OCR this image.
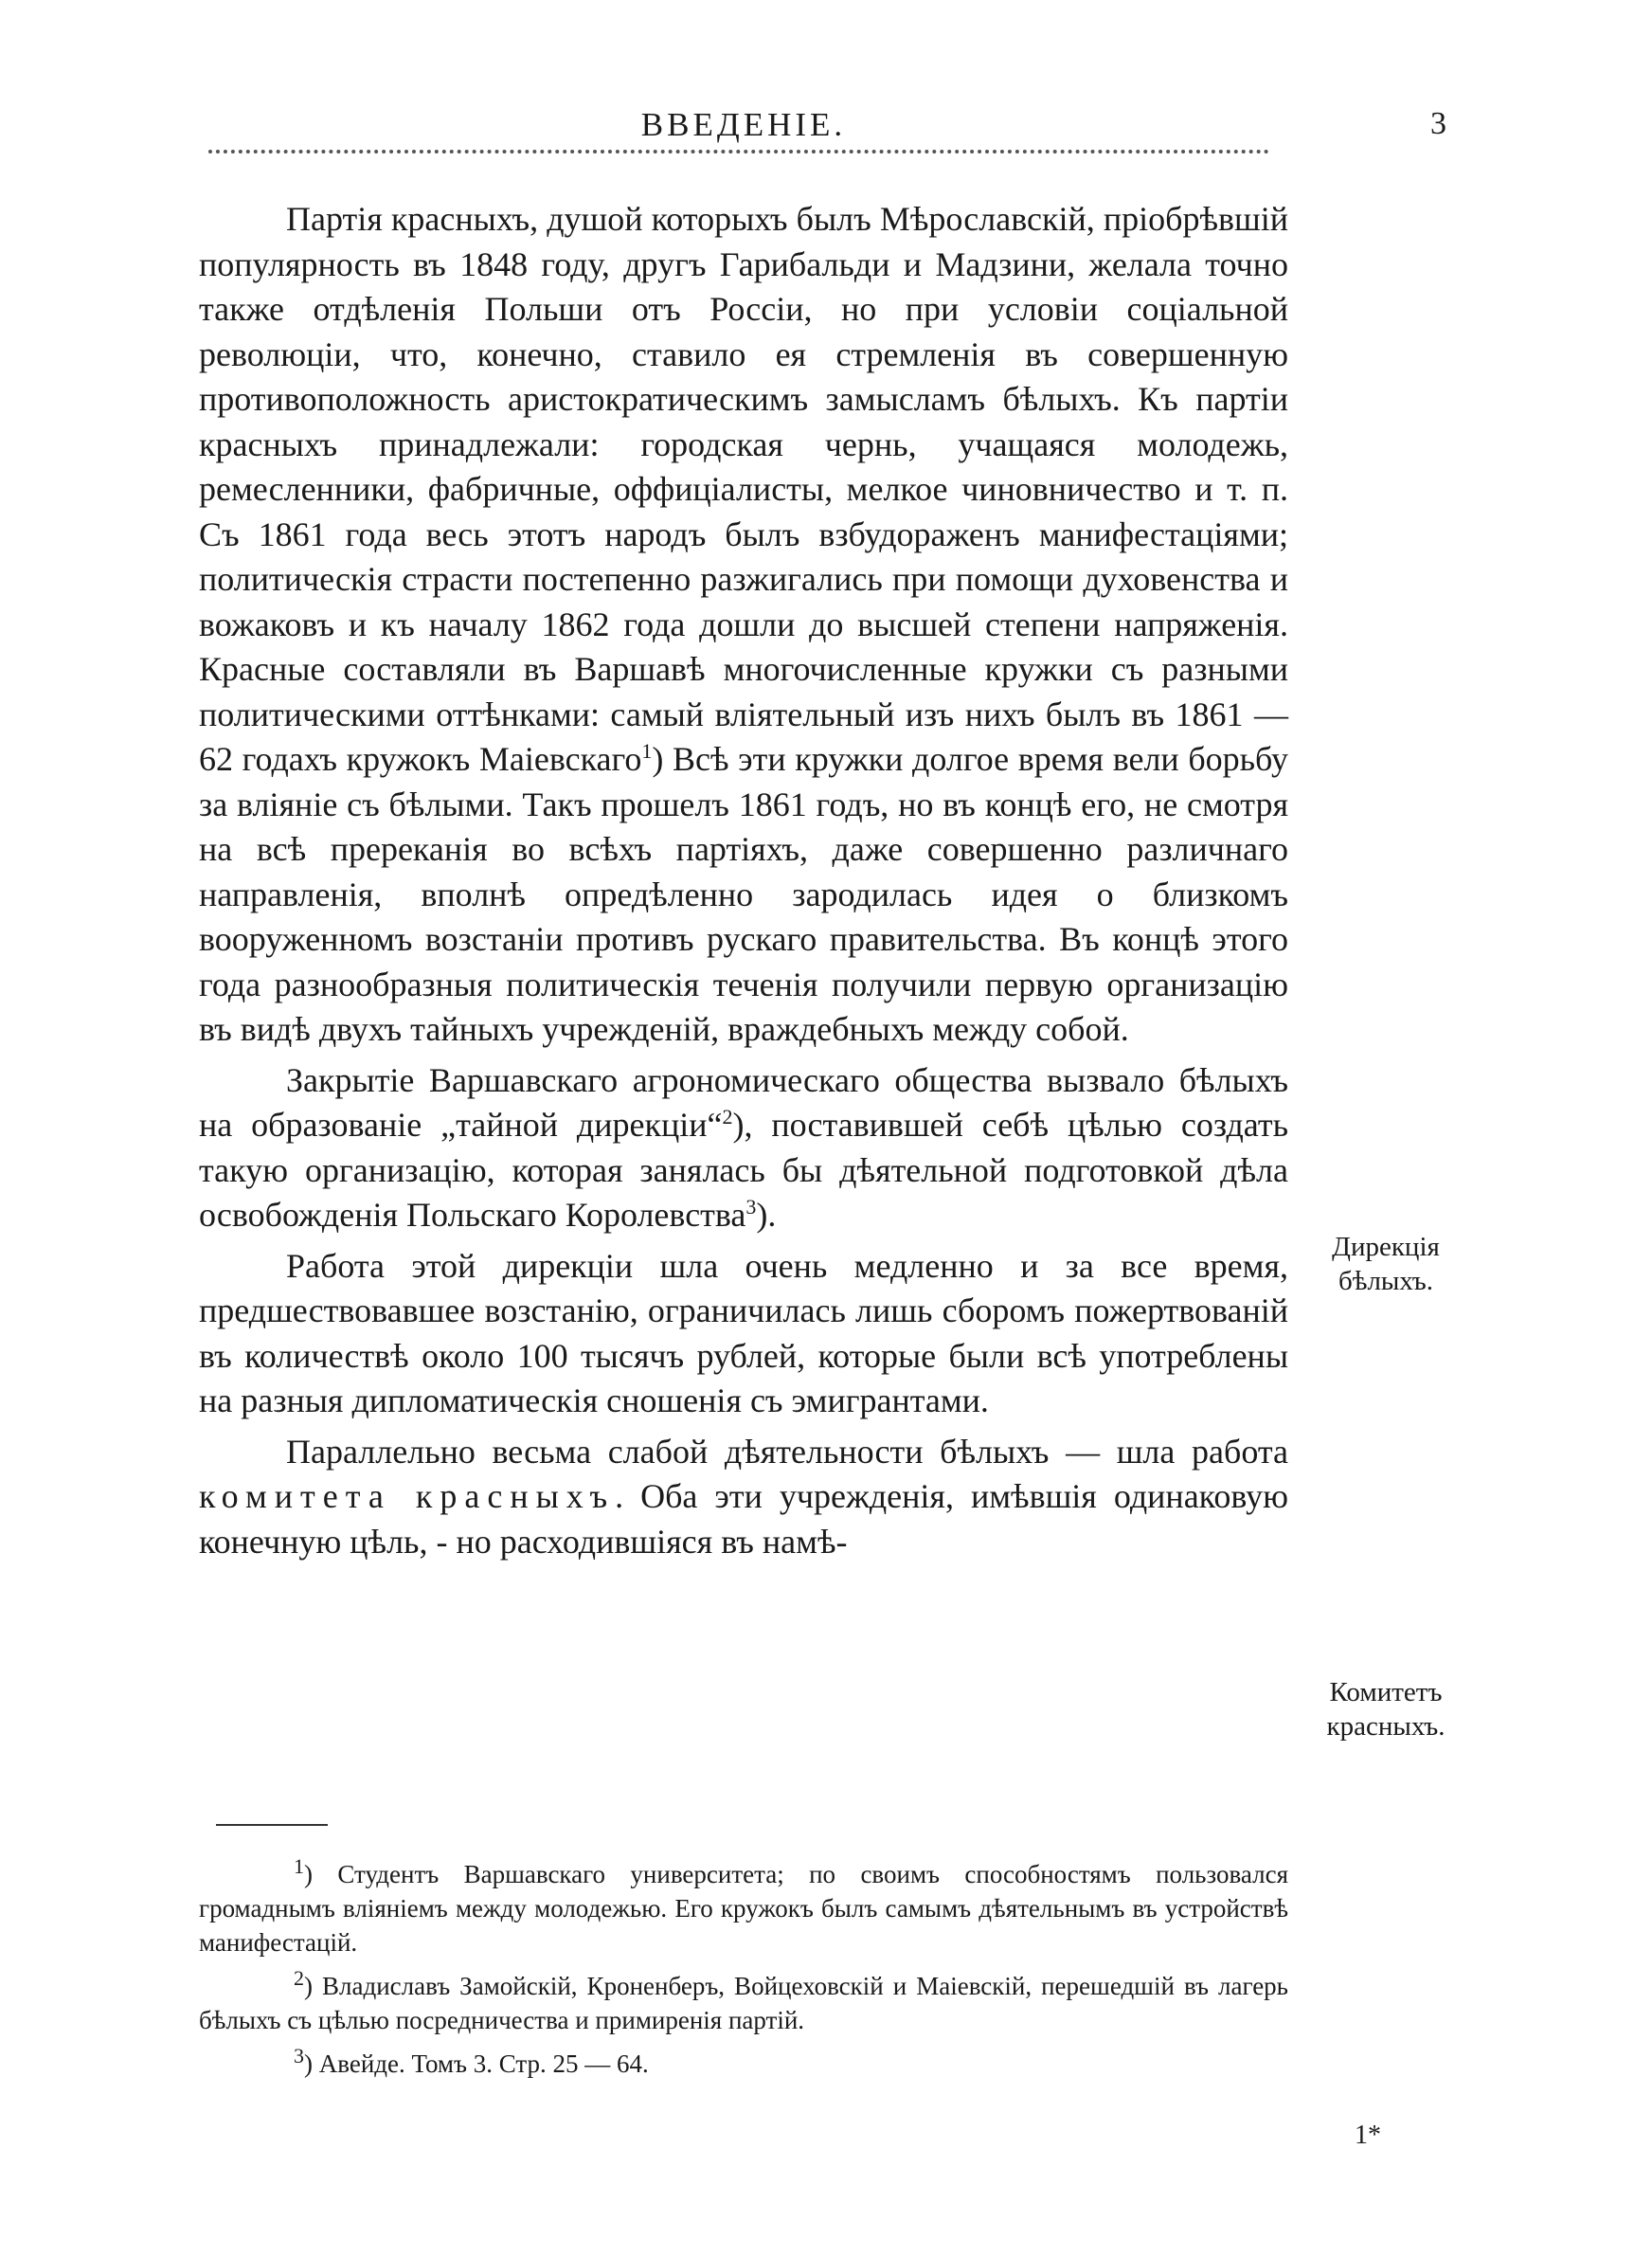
ВВЕДЕНІЕ.	3

Партія красныхъ, душой которыхъ былъ Мѣрославскій, пріобрѣвшій популярность въ 1848 году, другъ Гарибальди и Мадзини, желала точно также отдѣленія Польши отъ Россіи, но при условіи соціальной революціи, что, конечно, ставило ея стремленія въ совершенную противоположность аристократическимъ замысламъ бѣлыхъ. Къ партіи красныхъ принадлежали: городская чернь, учащаяся молодежь, ремесленники, фабричные, оффиціалисты, мелкое чиновничество и т. п. Съ 1861 года весь этотъ народъ былъ взбудораженъ манифестаціями; политическія страсти постепенно разжигались при помощи духовенства и вожаковъ и къ началу 1862 года дошли до высшей степени напряженія. Красные составляли въ Варшавѣ многочисленные кружки съ разными политическими оттѣнками: самый вліятельный изъ нихъ былъ въ 1861 — 62 годахъ кружокъ Маіевскаго$^1$) Всѣ эти кружки долгое время вели борьбу за вліяніе съ бѣлыми. Такъ прошелъ 1861 годъ, но въ концѣ его, не смотря на всѣ пререканія во всѣхъ партіяхъ, даже совершенно различнаго направленія, вполнѣ опредѣленно зародилась идея о близкомъ вооруженномъ возстаніи противъ рускаго правительства. Въ концѣ этого года разнообразныя политическія теченія получили первую организацію въ видѣ двухъ тайныхъ учрежденій, враждебныхъ между собой.

Закрытіе Варшавскаго агрономическаго общества вызвало бѣлыхъ на образованіе „тайной дирекціи“$^2$), поставившей себѣ цѣлью создать такую организацію, которая занялась бы дѣятельной подготовкой дѣла освобожденія Польскаго Королевства$^3$).

Работа этой дирекціи шла очень медленно и за все время, предшествовавшее возстанію, ограничилась лишь сборомъ пожертвованій въ количествѣ около 100 тысячъ рублей, которые были всѣ употреблены на разныя дипломатическія сношенія съ эмигрантами.

Параллельно весьма слабой дѣятельности бѣлыхъ — шла работа комитета красныхъ. Оба эти учрежденія, имѣвшія одинаковую конечную цѣль, - но расходившіяся въ намѣ-

Дирекція бѣлыхъ.
Комитетъ красныхъ.

$^1$) Студентъ Варшавскаго университета; по своимъ способностямъ пользовался громаднымъ вліяніемъ между молодежью. Его кружокъ былъ самымъ дѣятельнымъ въ устройствѣ манифестацій.

$^2$) Владиславъ Замойскій, Кроненберъ, Войцеховскій и Маіевскій, перешедшій въ лагерь бѣлыхъ съ цѣлью посредничества и примиренія партій.

$^3$) Авейде. Томъ 3. Стр. 25 — 64.

1*
